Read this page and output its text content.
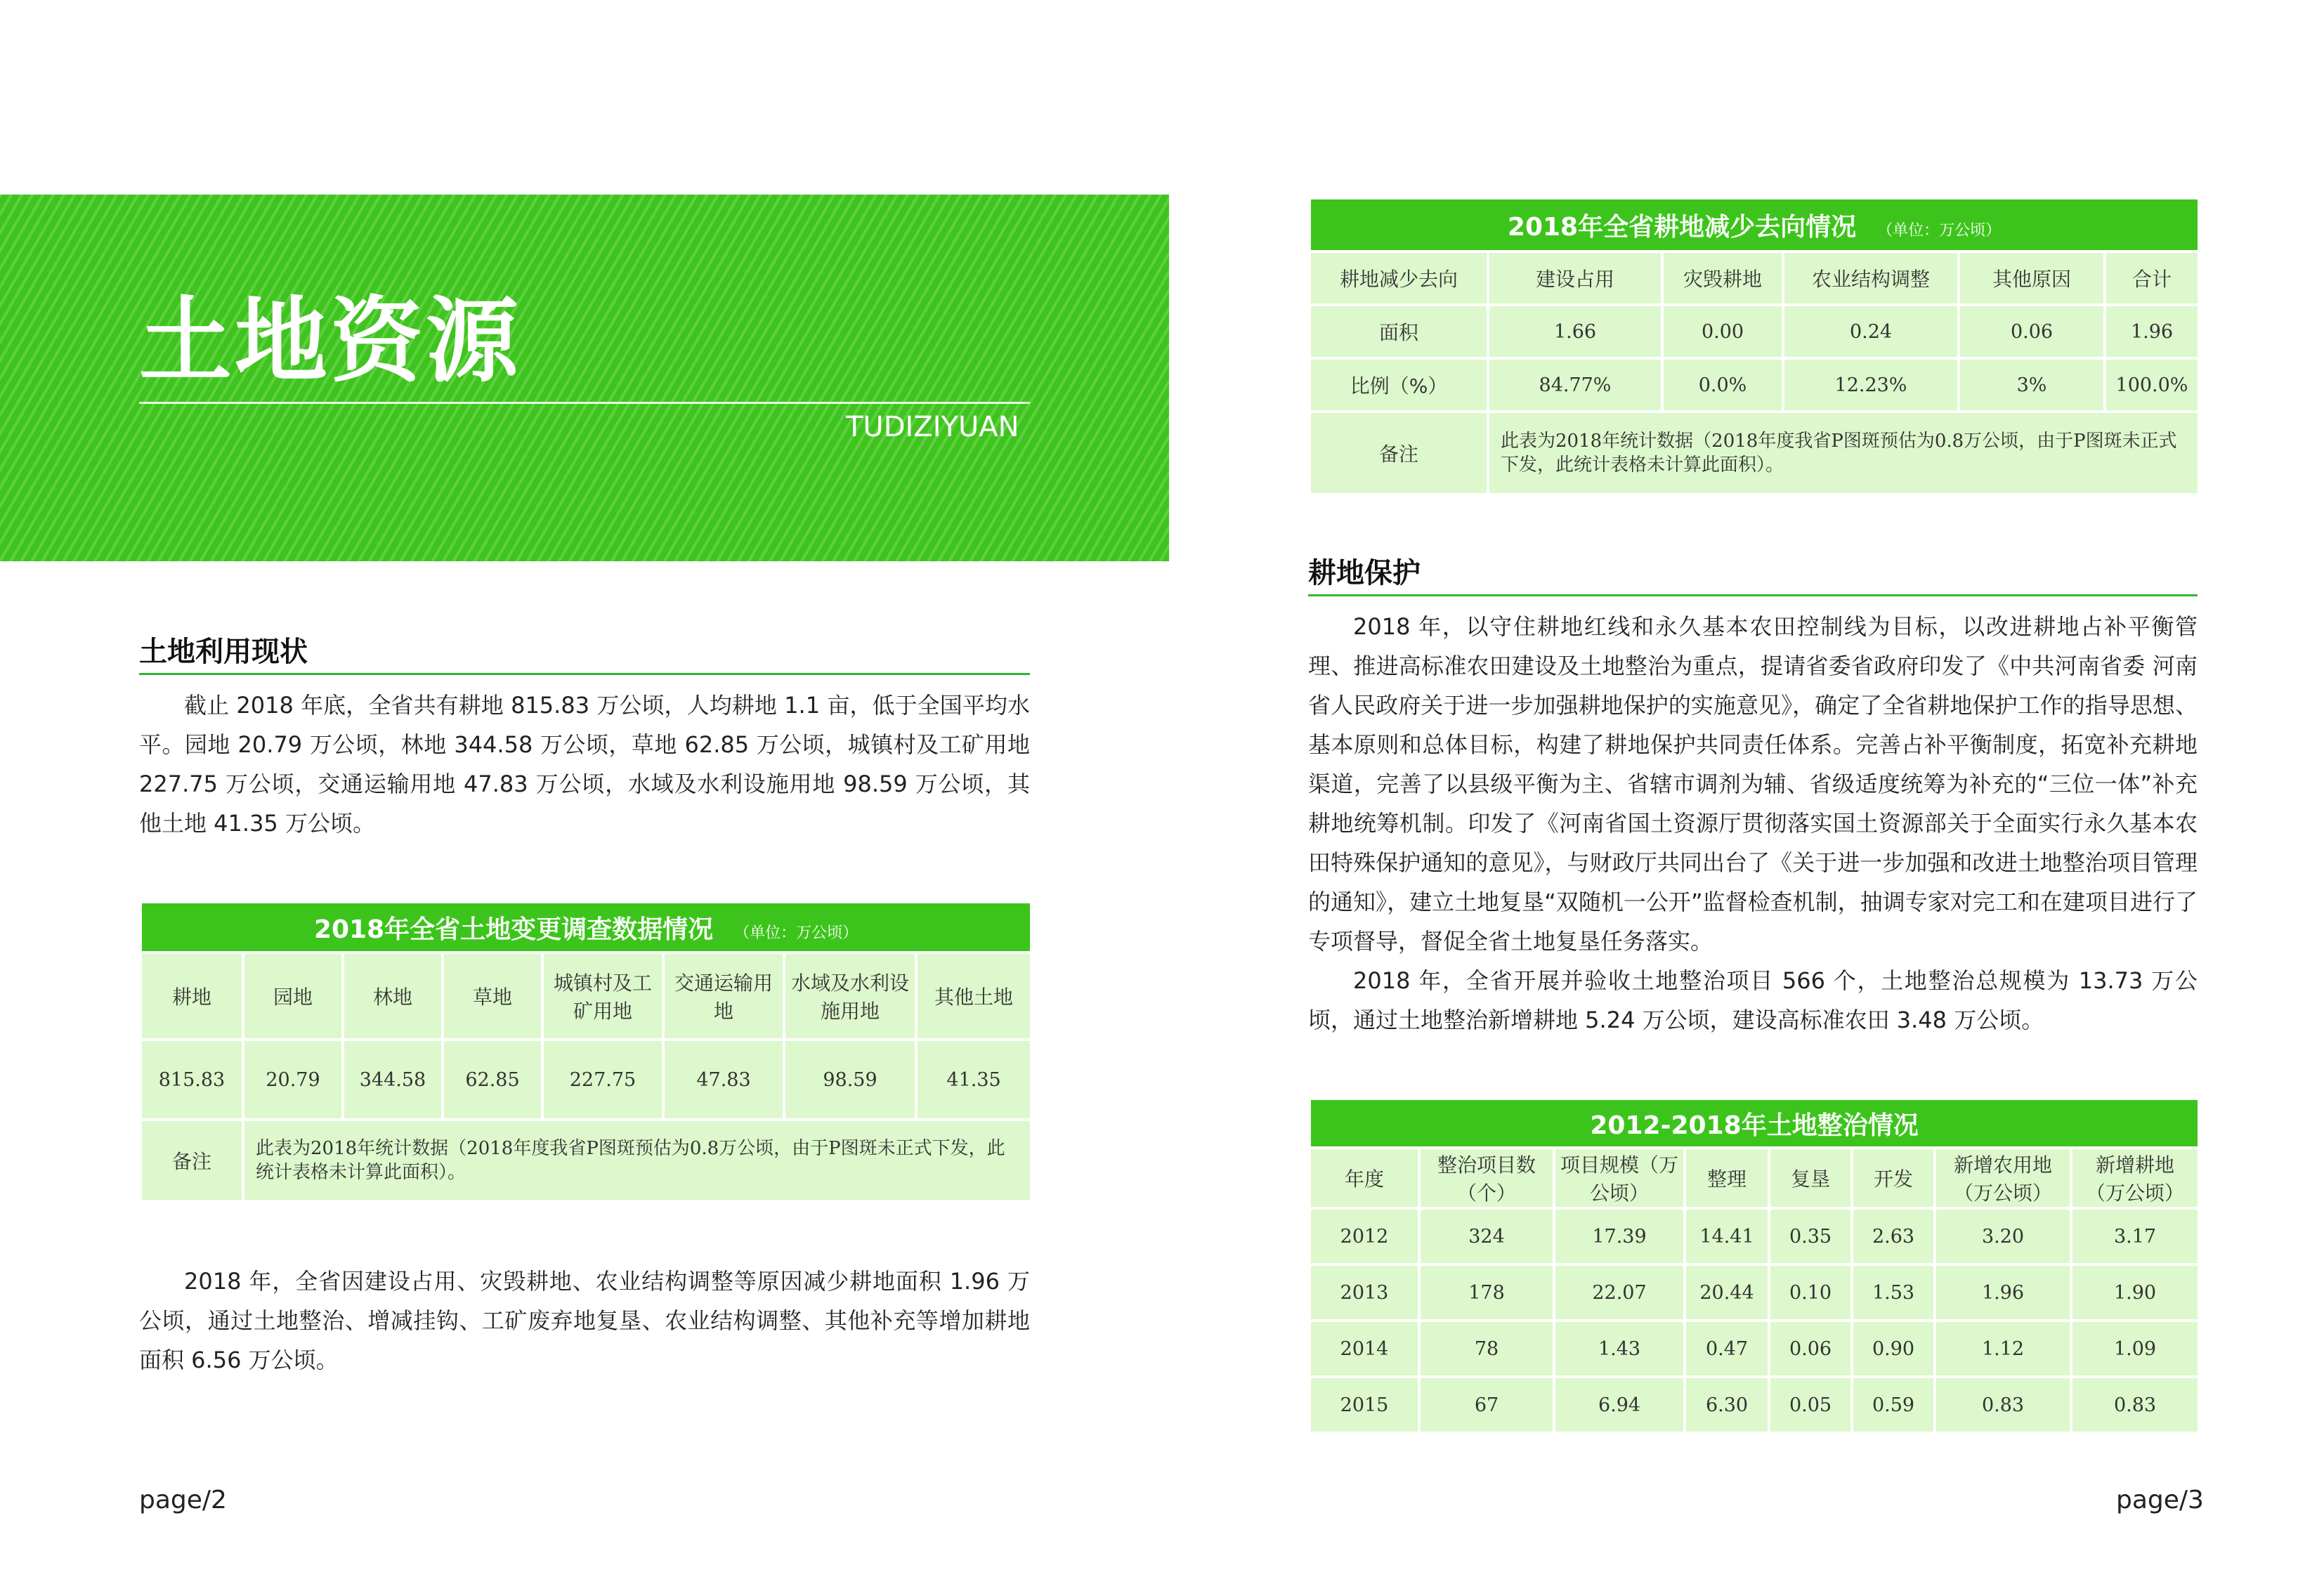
土地资源
TUDIZIYUAN
土地利用现状

截止 2018 年底，全省共有耕地 815.83 万公顷，人均耕地 1.1 亩，低于全国平均水平。园地 20.79 万公顷，林地 344.58 万公顷，草地 62.85 万公顷，城镇村及工矿用地 227.75 万公顷，交通运输用地 47.83 万公顷，水域及水利设施用地 98.59 万公顷，其他土地 41.35 万公顷。

2018年全省土地变更调查数据情况 （单位：万公顷）							
耕地	园地	林地	草地	城镇村及工矿用地	交通运输用地	水域及水利设施用地	其他土地
815.83	20.79	344.58	62.85	227.75	47.83	98.59	41.35
备注	此表为2018年统计数据（2018年度我省P图斑预估为0.8万公顷，由于P图斑未正式下发，此统计表格未计算此面积）。						

2018 年，全省因建设占用、灾毁耕地、农业结构调整等原因减少耕地面积 1.96 万公顷，通过土地整治、增减挂钩、工矿废弃地复垦、农业结构调整、其他补充等增加耕地面积 6.56 万公顷。

page/2
2018年全省耕地减少去向情况 （单位：万公顷）					
耕地减少去向	建设占用	灾毁耕地	农业结构调整	其他原因	合计
面积	1.66	0.00	0.24	0.06	1.96
比例（%）	84.77%	0.0%	12.23%	3%	100.0%
备注	此表为2018年统计数据（2018年度我省P图斑预估为0.8万公顷，由于P图斑未正式下发，此统计表格未计算此面积）。				
耕地保护

2018 年，以守住耕地红线和永久基本农田控制线为目标，以改进耕地占补平衡管理、推进高标准农田建设及土地整治为重点，提请省委省政府印发了《中共河南省委 河南省人民政府关于进一步加强耕地保护的实施意见》，确定了全省耕地保护工作的指导思想、基本原则和总体目标，构建了耕地保护共同责任体系。完善占补平衡制度，拓宽补充耕地渠道，完善了以县级平衡为主、省辖市调剂为辅、省级适度统筹为补充的“三位一体”补充耕地统筹机制。印发了《河南省国土资源厅贯彻落实国土资源部关于全面实行永久基本农田特殊保护通知的意见》，与财政厅共同出台了《关于进一步加强和改进土地整治项目管理的通知》，建立土地复垦“双随机一公开”监督检查机制，抽调专家对完工和在建项目进行了专项督导，督促全省土地复垦任务落实。

2018 年，全省开展并验收土地整治项目 566 个，土地整治总规模为 13.73 万公顷，通过土地整治新增耕地 5.24 万公顷，建设高标准农田 3.48 万公顷。

2012-2018年土地整治情况							
年度	整治项目数（个）	项目规模（万公顷）	整理	复垦	开发	新增农用地（万公顷）	新增耕地（万公顷）
2012	324	17.39	14.41	0.35	2.63	3.20	3.17
2013	178	22.07	20.44	0.10	1.53	1.96	1.90
2014	78	1.43	0.47	0.06	0.90	1.12	1.09
2015	67	6.94	6.30	0.05	0.59	0.83	0.83
page/3
